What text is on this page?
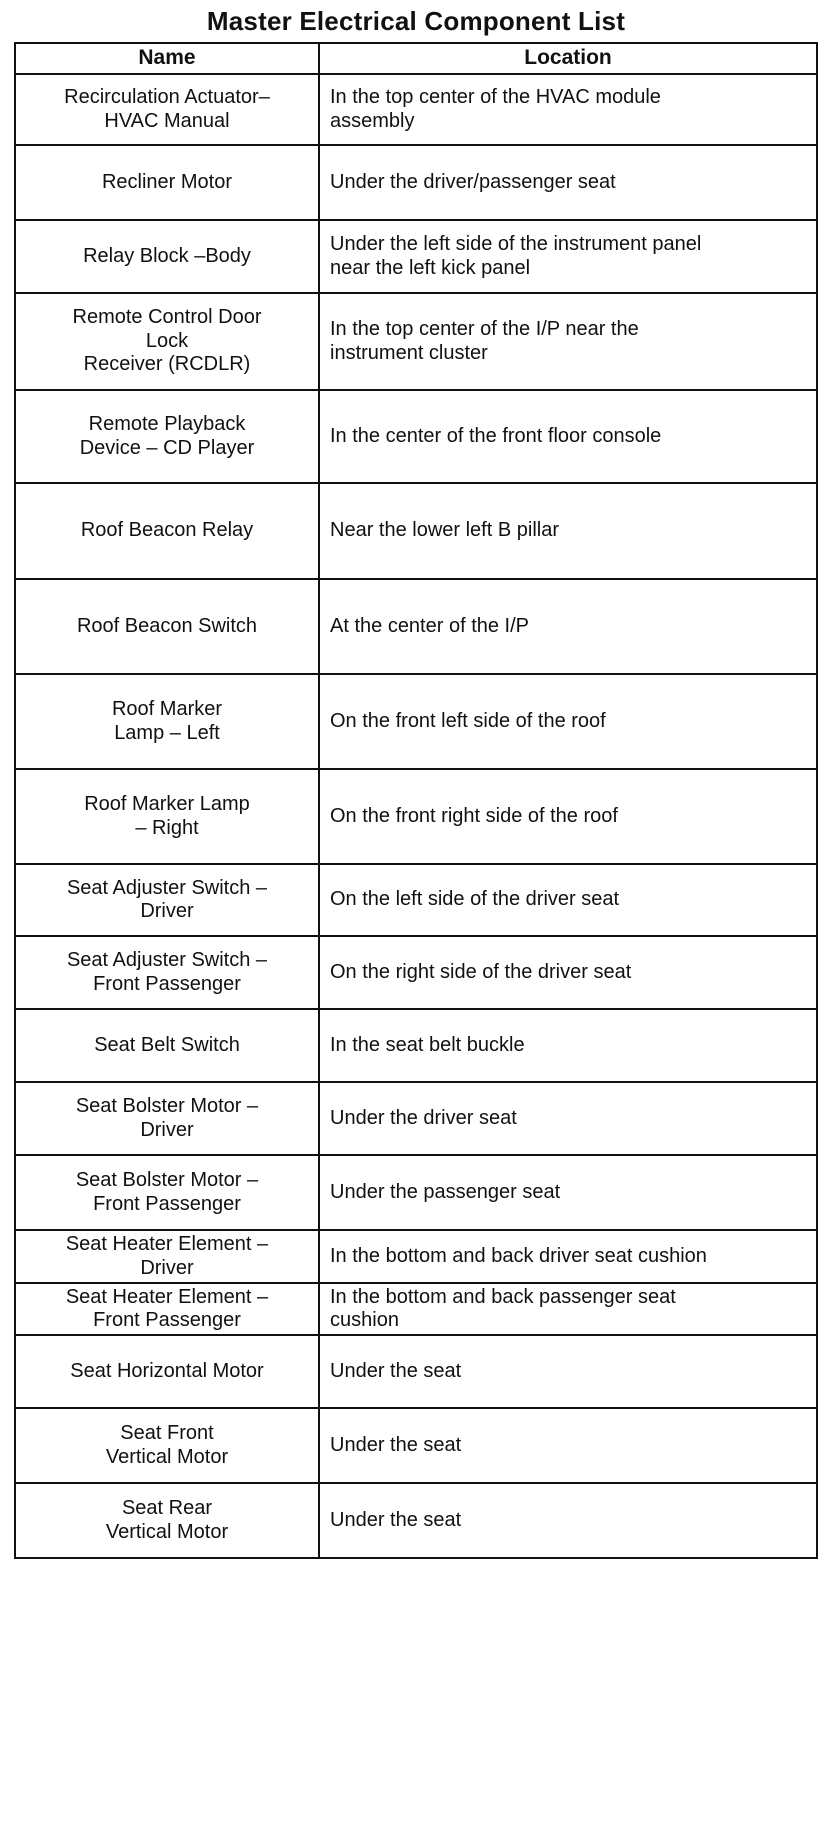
Master Electrical Component List
Name	Location
Recirculation Actuator–
HVAC Manual	In the top center of the HVAC module
assembly
Recliner Motor	Under the driver/passenger seat
Relay Block –Body	Under the left side of the instrument panel
near the left kick panel
Remote Control Door
Lock
Receiver (RCDLR)	In the top center of the I/P near the
instrument cluster
Remote Playback
Device – CD Player	In the center of the front floor console
Roof Beacon Relay	Near the lower left B pillar
Roof Beacon Switch	At the center of the I/P
Roof Marker
Lamp – Left	On the front left side of the roof
Roof Marker Lamp
– Right	On the front right side of the roof
Seat Adjuster Switch –
Driver	On the left side of the driver seat
Seat Adjuster Switch –
Front Passenger	On the right side of the driver seat
Seat Belt Switch	In the seat belt buckle
Seat Bolster Motor –
Driver	Under the driver seat
Seat Bolster Motor –
Front Passenger	Under the passenger seat
Seat Heater Element –
Driver	In the bottom and back driver seat cushion
Seat Heater Element –
Front Passenger	In the bottom and back passenger seat
cushion
Seat Horizontal Motor	Under the seat
Seat Front
Vertical Motor	Under the seat
Seat Rear
Vertical Motor	Under the seat
